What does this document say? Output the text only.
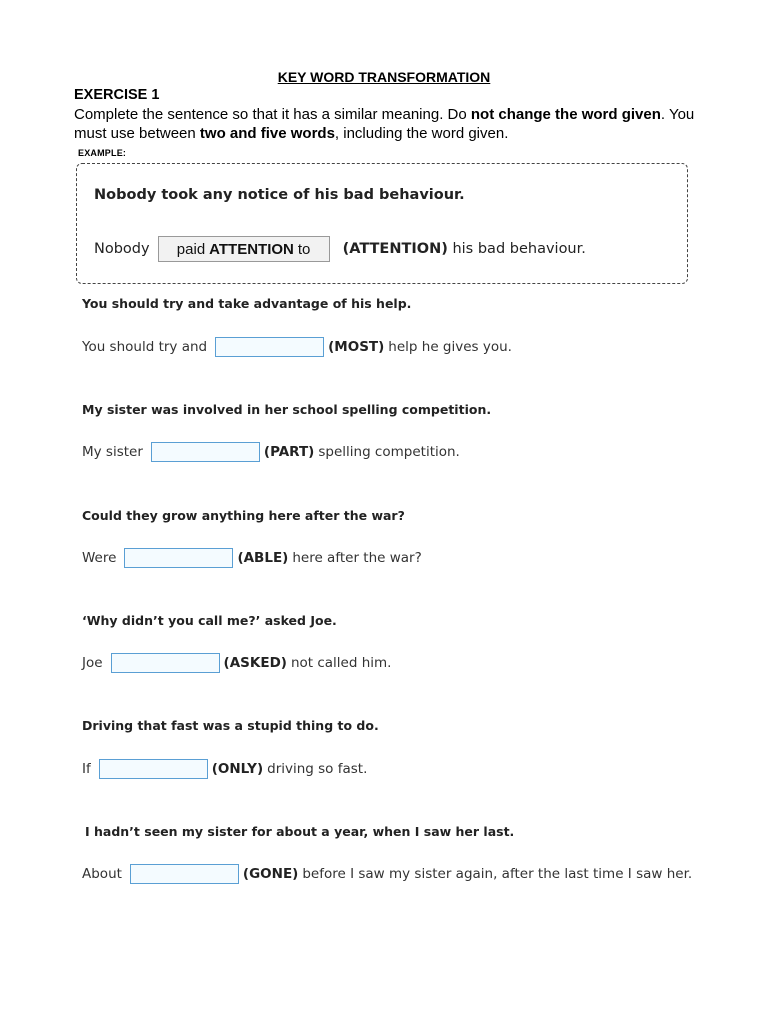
KEY WORD TRANSFORMATION
EXERCISE 1
Complete the sentence so that it has a similar meaning. Do not change the word given. You must use between two and five words, including the word given.
EXAMPLE:
Nobody took any notice of his bad behaviour.
Nobody paid ATTENTION to (ATTENTION)
his bad behaviour.
You should try and take advantage of his help.
You should try and	(MOST) help he gives you.
My sister was involved in her school spelling competition.
My sister	(PART) spelling competition.
Could they grow anything here after the war?
Were	(ABLE) here after the war?
‘Why didn’t you call me?’ asked Joe.
Joe	(ASKED) not called him.
Driving that fast was a stupid thing to do.
If	(ONLY) driving so fast.
I hadn’t seen my sister for about a year, when I saw her last.
About	(GONE) before I saw my sister again, after the last time I saw her.
